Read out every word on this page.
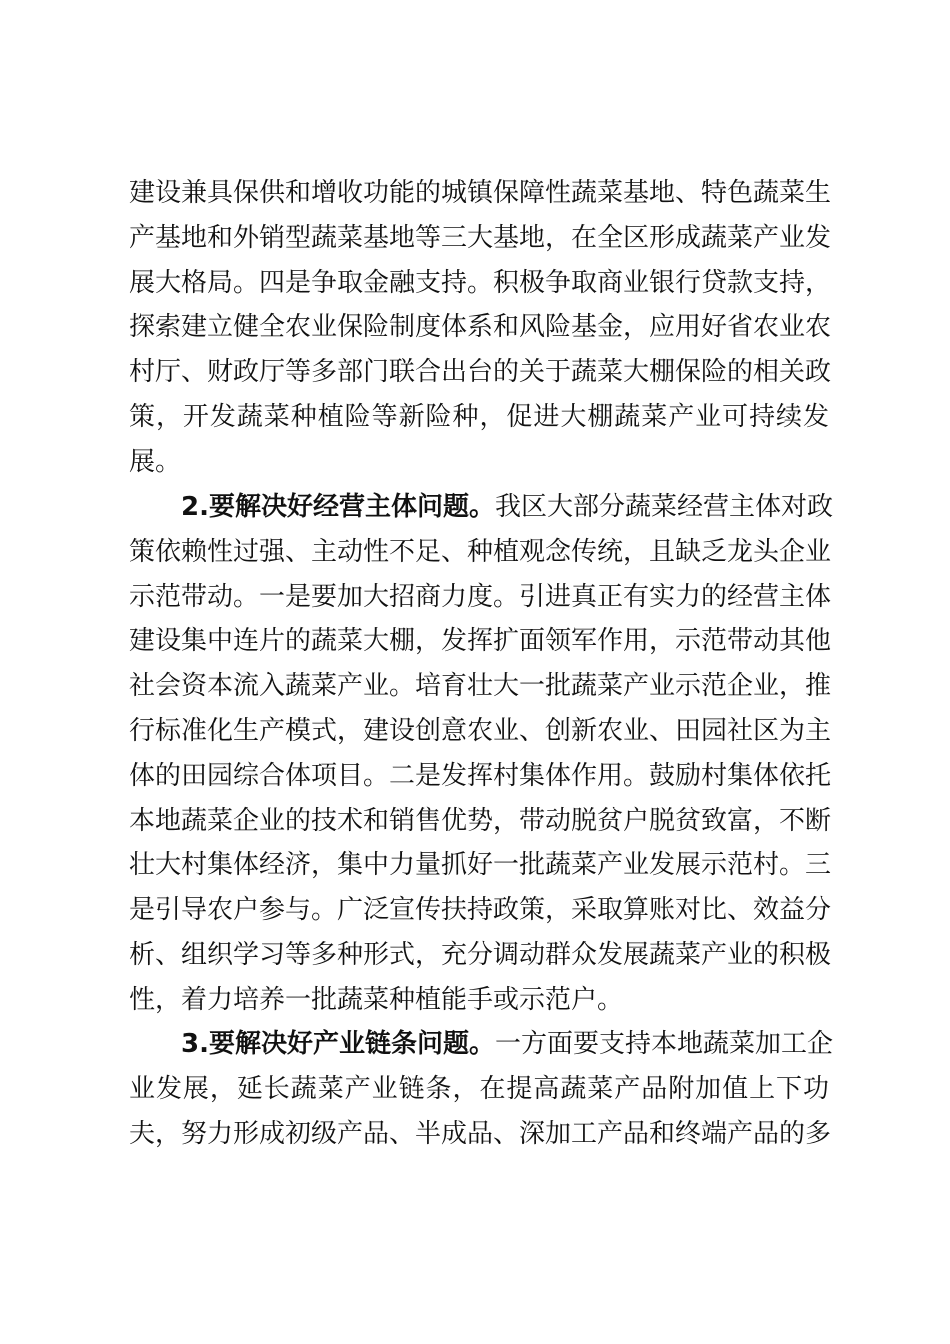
建设兼具保供和增收功能的城镇保障性蔬菜基地、特色蔬菜生
产基地和外销型蔬菜基地等三大基地，在全区形成蔬菜产业发
展大格局。四是争取金融支持。积极争取商业银行贷款支持，
探索建立健全农业保险制度体系和风险基金，应用好省农业农
村厅、财政厅等多部门联合出台的关于蔬菜大棚保险的相关政
策，开发蔬菜种植险等新险种，促进大棚蔬菜产业可持续发
展。
2.要解决好经营主体问题。我区大部分蔬菜经营主体对政
策依赖性过强、主动性不足、种植观念传统，且缺乏龙头企业
示范带动。一是要加大招商力度。引进真正有实力的经营主体
建设集中连片的蔬菜大棚，发挥扩面领军作用，示范带动其他
社会资本流入蔬菜产业。培育壮大一批蔬菜产业示范企业，推
行标准化生产模式，建设创意农业、创新农业、田园社区为主
体的田园综合体项目。二是发挥村集体作用。鼓励村集体依托
本地蔬菜企业的技术和销售优势，带动脱贫户脱贫致富，不断
壮大村集体经济，集中力量抓好一批蔬菜产业发展示范村。三
是引导农户参与。广泛宣传扶持政策，采取算账对比、效益分
析、组织学习等多种形式，充分调动群众发展蔬菜产业的积极
性，着力培养一批蔬菜种植能手或示范户。
3.要解决好产业链条问题。一方面要支持本地蔬菜加工企
业发展，延长蔬菜产业链条，在提高蔬菜产品附加值上下功
夫，努力形成初级产品、半成品、深加工产品和终端产品的多
